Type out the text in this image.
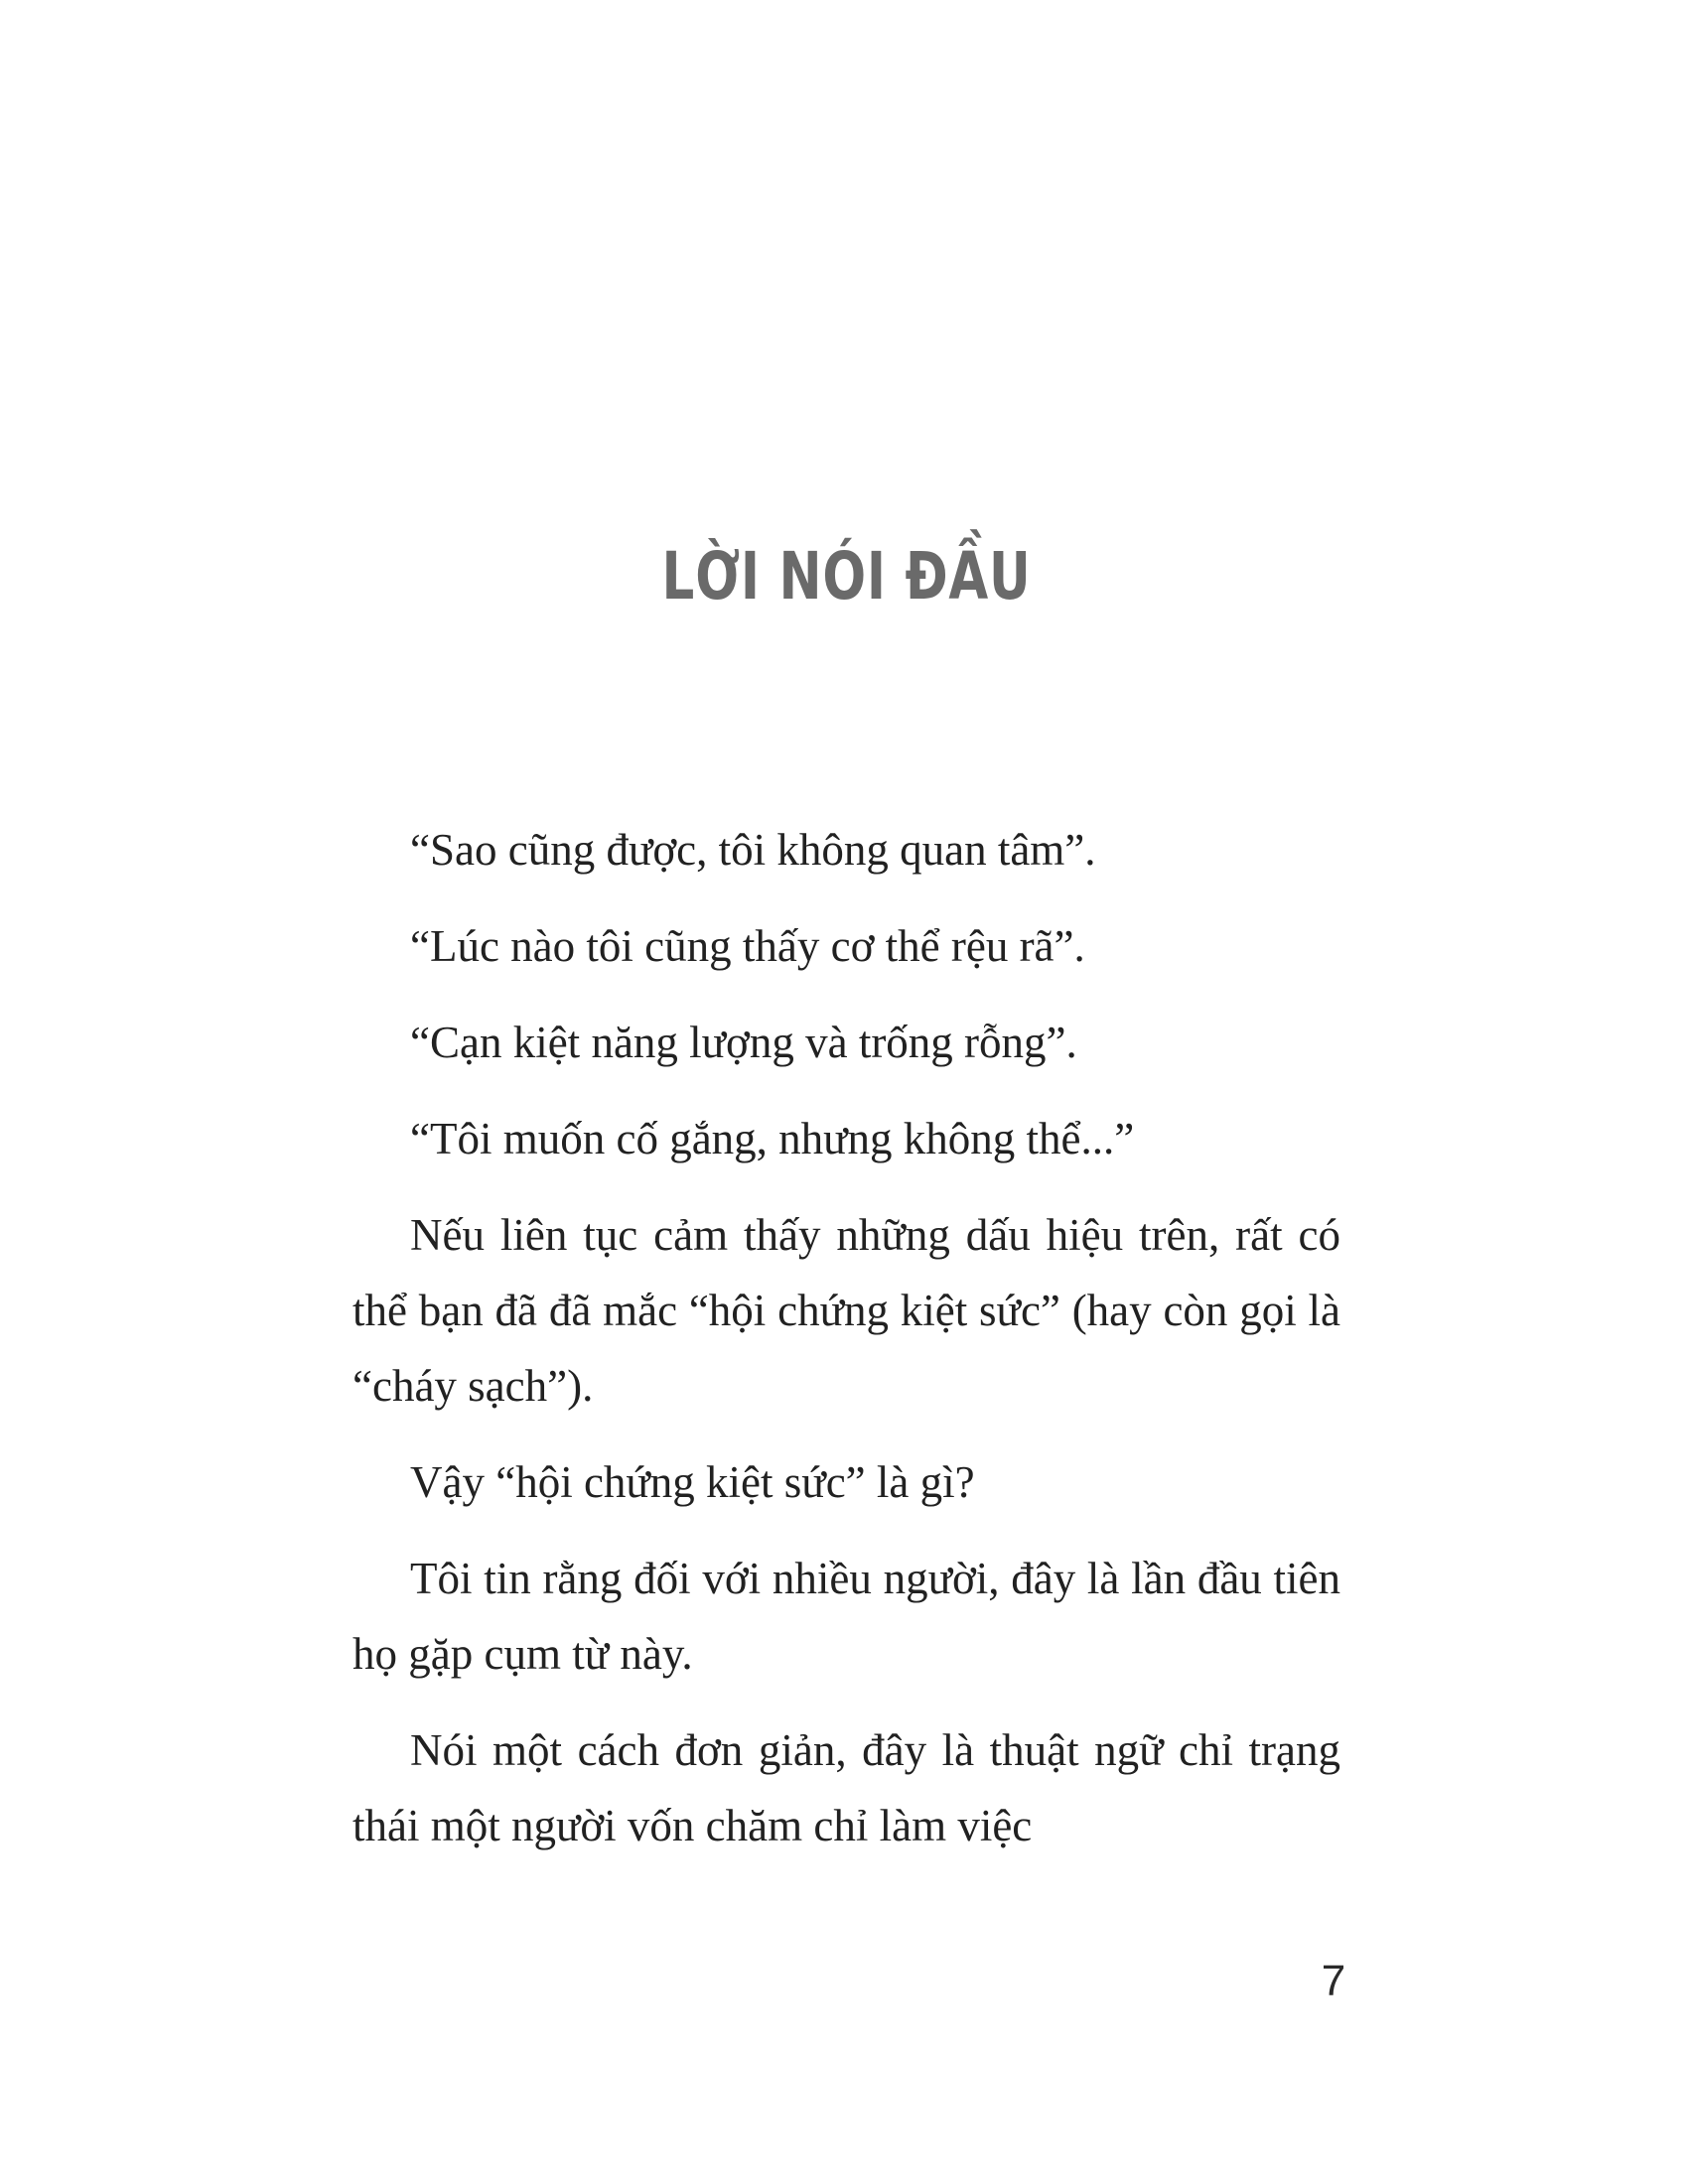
LỜI NÓI ĐẦU

“Sao cũng được, tôi không quan tâm”.

“Lúc nào tôi cũng thấy cơ thể rệu rã”.

“Cạn kiệt năng lượng và trống rỗng”.

“Tôi muốn cố gắng, nhưng không thể...”

Nếu liên tục cảm thấy những dấu hiệu trên, rất có thể bạn đã đã mắc “hội chứng kiệt sức” (hay còn gọi là “cháy sạch”).

Vậy “hội chứng kiệt sức” là gì?

Tôi tin rằng đối với nhiều người, đây là lần đầu tiên họ gặp cụm từ này.

Nói một cách đơn giản, đây là thuật ngữ chỉ trạng thái một người vốn chăm chỉ làm việc

7
